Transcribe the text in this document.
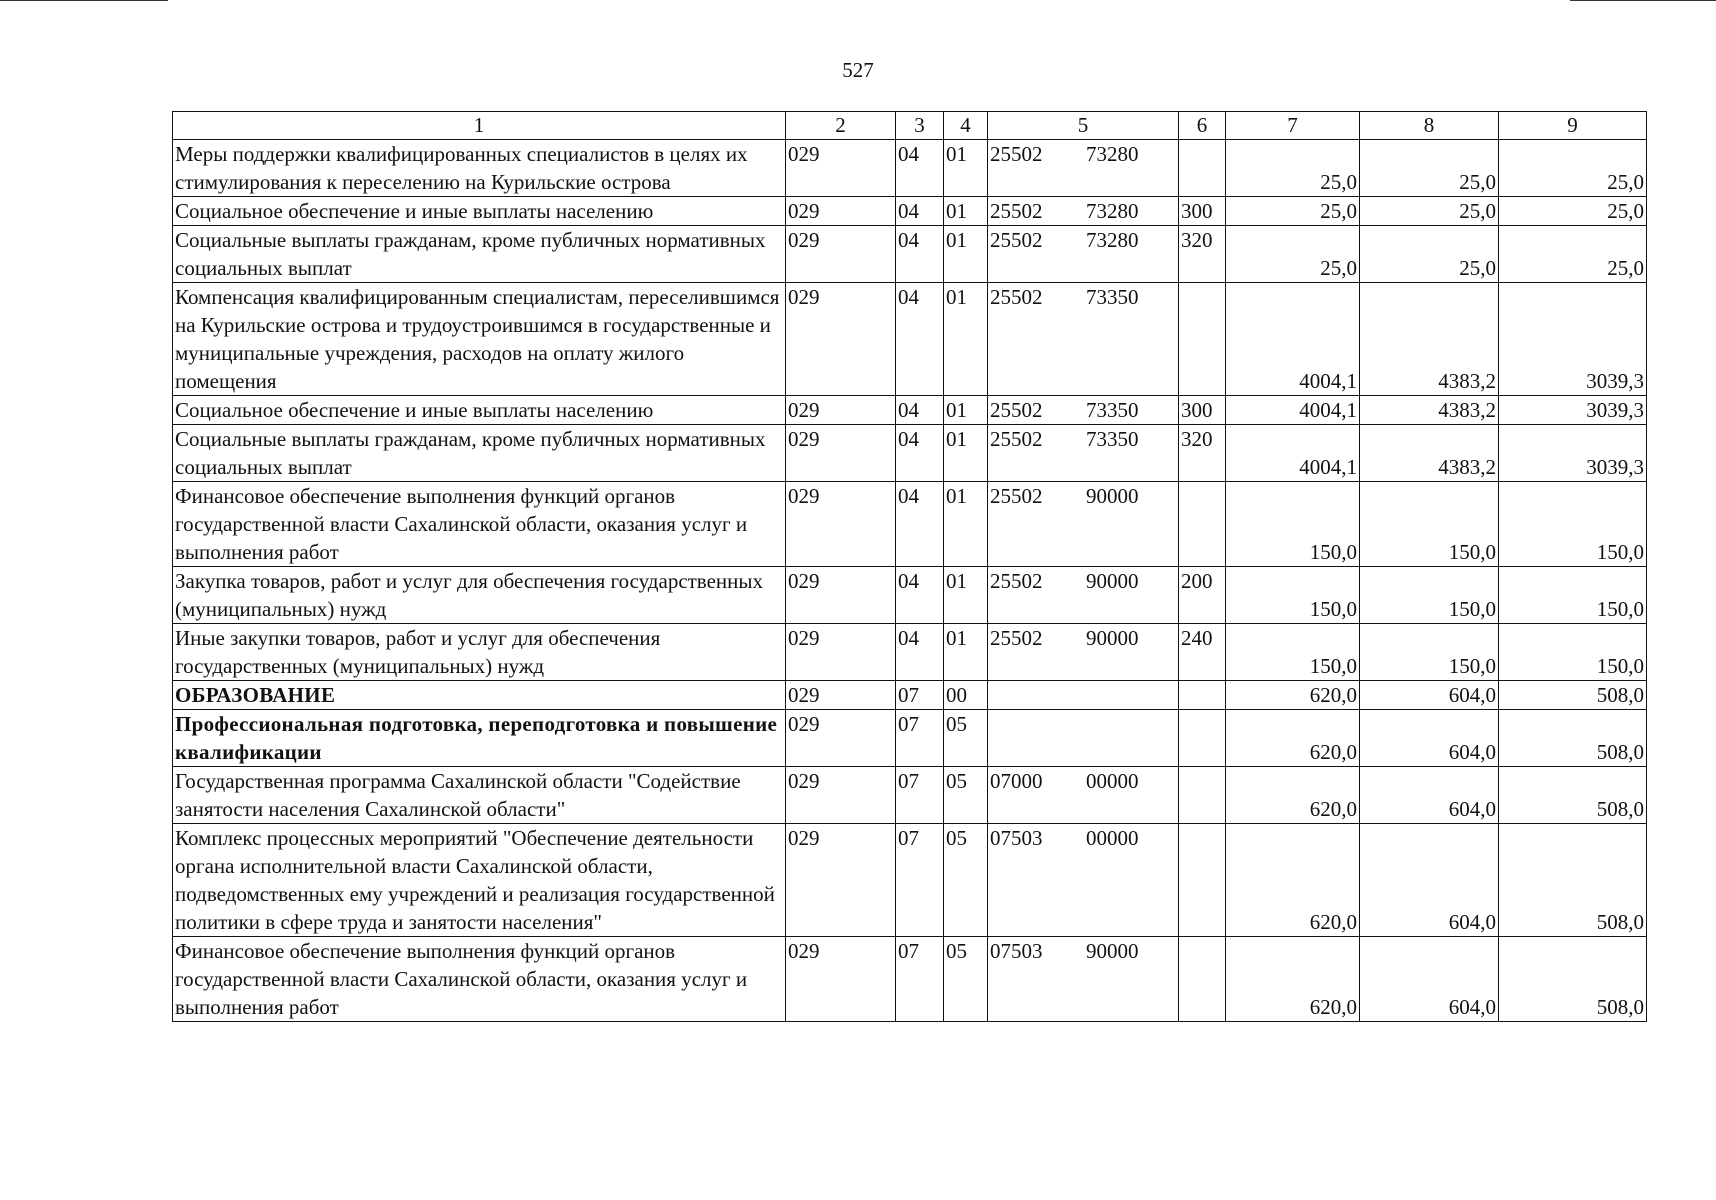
527
1	2	3	4	5	6	7	8	9
Меры поддержки квалифицированных специалистов в целях их стимулирования к переселению на Курильские острова	029	04	01	25502 73280		25,0	25,0	25,0
Социальное обеспечение и иные выплаты населению	029	04	01	25502 73280	300	25,0	25,0	25,0
Социальные выплаты гражданам, кроме публичных нормативных социальных выплат	029	04	01	25502 73280	320	25,0	25,0	25,0
Компенсация квалифицированным специалистам, переселившимся на Курильские острова и трудоустроившимся в государственные и муниципальные учреждения, расходов на оплату жилого помещения	029	04	01	25502 73350		4004,1	4383,2	3039,3
Социальное обеспечение и иные выплаты населению	029	04	01	25502 73350	300	4004,1	4383,2	3039,3
Социальные выплаты гражданам, кроме публичных нормативных социальных выплат	029	04	01	25502 73350	320	4004,1	4383,2	3039,3
Финансовое обеспечение выполнения функций органов государственной власти Сахалинской области, оказания услуг и выполнения работ	029	04	01	25502 90000		150,0	150,0	150,0
Закупка товаров, работ и услуг для обеспечения государственных (муниципальных) нужд	029	04	01	25502 90000	200	150,0	150,0	150,0
Иные закупки товаров, работ и услуг для обеспечения государственных (муниципальных) нужд	029	04	01	25502 90000	240	150,0	150,0	150,0
ОБРАЗОВАНИЕ	029	07	00			620,0	604,0	508,0
Профессиональная подготовка, переподготовка и повышение квалификации	029	07	05			620,0	604,0	508,0
Государственная программа Сахалинской области "Содействие занятости населения Сахалинской области"	029	07	05	07000 00000		620,0	604,0	508,0
Комплекс процессных мероприятий "Обеспечение деятельности органа исполнительной власти Сахалинской области, подведомственных ему учреждений и реализация государственной политики в сфере труда и занятости населения"	029	07	05	07503 00000		620,0	604,0	508,0
Финансовое обеспечение выполнения функций органов государственной власти Сахалинской области, оказания услуг и выполнения работ	029	07	05	07503 90000		620,0	604,0	508,0
